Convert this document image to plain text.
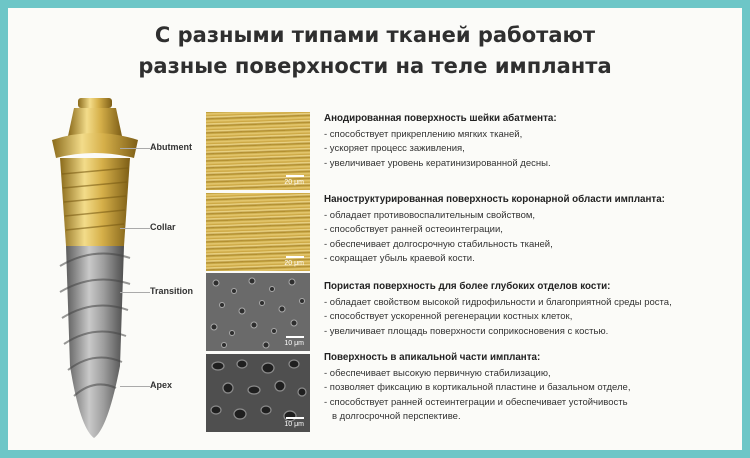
С разными типами тканей работают
разные поверхности на теле импланта
Abutment
Collar
Transition
Apex
20 μm
20 μm
10 μm
10 μm
Анодированная поверхность шейки абатмента:
- способствует прикреплению мягких тканей,
- ускоряет процесс заживления,
- увеличивает уровень кератинизированной десны.
Наноструктурированная поверхность коронарной области импланта:
- обладает противовоспалительным свойством,
- способствует ранней остеоинтеграции,
- обеспечивает долгосрочную стабильность тканей,
- сокращает убыль краевой кости.
Пористая поверхность для более глубоких отделов кости:
- обладает свойством высокой гидрофильности и благоприятной среды роста,
- способствует ускоренной регенерации костных клеток,
- увеличивает площадь поверхности соприкосновения с костью.
Поверхность в апикальной части импланта:
- обеспечивает высокую первичную стабилизацию,
- позволяет фиксацию в кортикальной пластине и базальном отделе,
- способствует ранней остеинтеграции и обеспечивает устойчивость
в долгосрочной перспективе.
